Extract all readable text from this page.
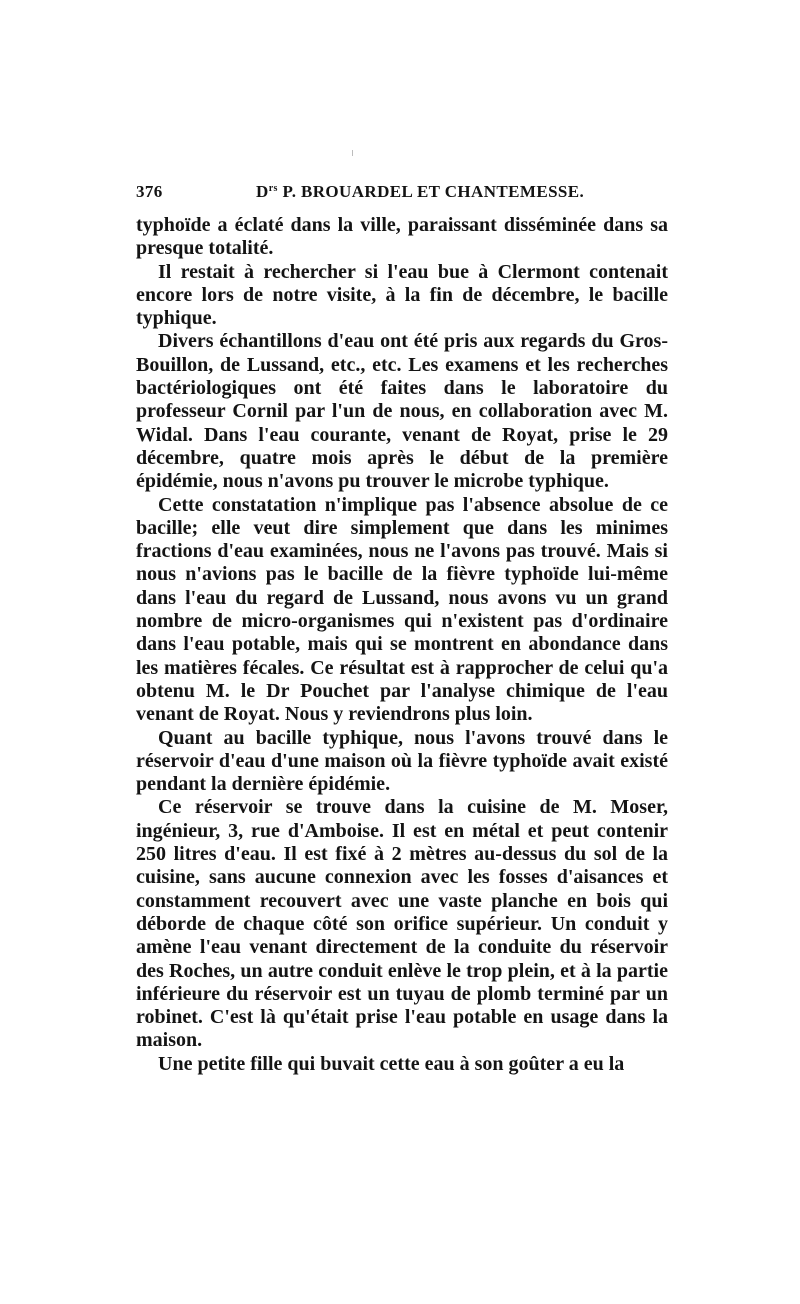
376	$D^{rs}$ P. BROUARDEL ET CHANTEMESSE.

typhoïde a éclaté dans la ville, paraissant disséminée dans sa presque totalité.

Il restait à rechercher si l'eau bue à Clermont contenait encore lors de notre visite, à la fin de décembre, le bacille typhique.

Divers échantillons d'eau ont été pris aux regards du Gros-Bouillon, de Lussand, etc., etc. Les examens et les recherches bactériologiques ont été faites dans le laboratoire du professeur Cornil par l'un de nous, en collaboration avec M. Widal. Dans l'eau courante, venant de Royat, prise le 29 décembre, quatre mois après le début de la première épidémie, nous n'avons pu trouver le microbe typhique.

Cette constatation n'implique pas l'absence absolue de ce bacille; elle veut dire simplement que dans les minimes fractions d'eau examinées, nous ne l'avons pas trouvé. Mais si nous n'avions pas le bacille de la fièvre typhoïde lui-même dans l'eau du regard de Lussand, nous avons vu un grand nombre de micro-organismes qui n'existent pas d'ordinaire dans l'eau potable, mais qui se montrent en abondance dans les matières fécales. Ce résultat est à rapprocher de celui qu'a obtenu M. le Dr Pouchet par l'analyse chimique de l'eau venant de Royat. Nous y reviendrons plus loin.

Quant au bacille typhique, nous l'avons trouvé dans le réservoir d'eau d'une maison où la fièvre typhoïde avait existé pendant la dernière épidémie.

Ce réservoir se trouve dans la cuisine de M. Moser, ingénieur, 3, rue d'Amboise. Il est en métal et peut contenir 250 litres d'eau. Il est fixé à 2 mètres au-dessus du sol de la cuisine, sans aucune connexion avec les fosses d'aisances et constamment recouvert avec une vaste planche en bois qui déborde de chaque côté son orifice supérieur. Un conduit y amène l'eau venant directement de la conduite du réservoir des Roches, un autre conduit enlève le trop plein, et à la partie inférieure du réservoir est un tuyau de plomb terminé par un robinet. C'est là qu'était prise l'eau potable en usage dans la maison.

Une petite fille qui buvait cette eau à son goûter a eu la
